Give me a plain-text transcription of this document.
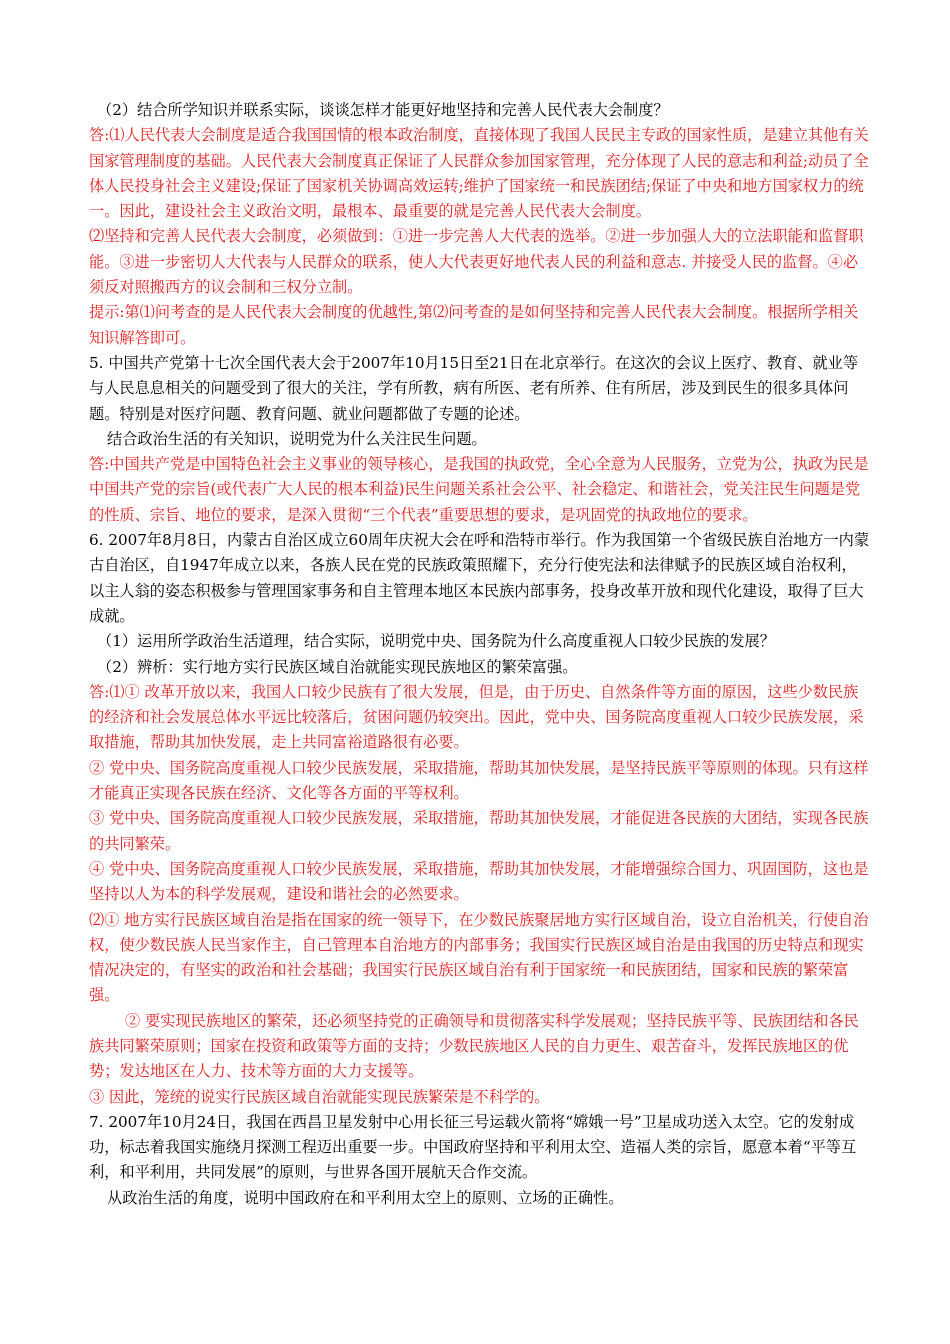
（2）结合所学知识并联系实际，谈谈怎样才能更好地坚持和完善人民代表大会制度？

答:⑴人民代表大会制度是适合我国国情的根本政治制度，直接体现了我国人民民主专政的国家性质，是建立其他有关国家管理制度的基础。人民代表大会制度真正保证了人民群众参加国家管理，充分体现了人民的意志和利益;动员了全体人民投身社会主义建设;保证了国家机关协调高效运转;维护了国家统一和民族团结;保证了中央和地方国家权力的统一。因此，建设社会主义政治文明，最根本、最重要的就是完善人民代表大会制度。

⑵坚持和完善人民代表大会制度，必须做到：①进一步完善人大代表的选举。②进一步加强人大的立法职能和监督职能。③进一步密切人大代表与人民群众的联系，使人大代表更好地代表人民的利益和意志. 并接受人民的监督。④必须反对照搬西方的议会制和三权分立制。

提示:第⑴问考查的是人民代表大会制度的优越性,第⑵问考查的是如何坚持和完善人民代表大会制度。根据所学相关知识解答即可。

5. 中国共产党第十七次全国代表大会于2007年10月15日至21日在北京举行。在这次的会议上医疗、教育、就业等与人民息息相关的问题受到了很大的关注，学有所教，病有所医、老有所养、住有所居，涉及到民生的很多具体问题。特别是对医疗问题、教育问题、就业问题都做了专题的论述。

结合政治生活的有关知识，说明党为什么关注民生问题。

答:中国共产党是中国特色社会主义事业的领导核心，是我国的执政党，全心全意为人民服务，立党为公，执政为民是中国共产党的宗旨(或代表广大人民的根本利益)民生问题关系社会公平、社会稳定、和谐社会，党关注民生问题是党的性质、宗旨、地位的要求，是深入贯彻“三个代表”重要思想的要求，是巩固党的执政地位的要求。

6. 2007年8月8日，内蒙古自治区成立60周年庆祝大会在呼和浩特市举行。作为我国第一个省级民族自治地方一内蒙古自治区，自1947年成立以来，各族人民在党的民族政策照耀下，充分行使宪法和法律赋予的民族区域自治权利，以主人翁的姿态积极参与管理国家事务和自主管理本地区本民族内部事务，投身改革开放和现代化建设，取得了巨大成就。

（1）运用所学政治生活道理，结合实际，说明党中央、国务院为什么高度重视人口较少民族的发展？

（2）辨析：实行地方实行民族区域自治就能实现民族地区的繁荣富强。

答:⑴① 改革开放以来，我国人口较少民族有了很大发展，但是，由于历史、自然条件等方面的原因，这些少数民族的经济和社会发展总体水平远比较落后，贫困问题仍较突出。因此，党中央、国务院高度重视人口较少民族发展，采取措施，帮助其加快发展，走上共同富裕道路很有必要。

② 党中央、国务院高度重视人口较少民族发展，采取措施，帮助其加快发展，是坚持民族平等原则的体现。只有这样才能真正实现各民族在经济、文化等各方面的平等权利。

③ 党中央、国务院高度重视人口较少民族发展，采取措施，帮助其加快发展，才能促进各民族的大团结，实现各民族的共同繁荣。

④ 党中央、国务院高度重视人口较少民族发展，采取措施，帮助其加快发展，才能增强综合国力、巩固国防，这也是坚持以人为本的科学发展观，建设和谐社会的必然要求。

⑵① 地方实行民族区域自治是指在国家的统一领导下，在少数民族聚居地方实行区域自治，设立自治机关，行使自治权，使少数民族人民当家作主，自己管理本自治地方的内部事务；我国实行民族区域自治是由我国的历史特点和现实情况决定的，有坚实的政治和社会基础；我国实行民族区域自治有利于国家统一和民族团结，国家和民族的繁荣富强。

② 要实现民族地区的繁荣，还必须坚持党的正确领导和贯彻落实科学发展观；坚持民族平等、民族团结和各民族共同繁荣原则；国家在投资和政策等方面的支持；少数民族地区人民的自力更生、艰苦奋斗，发挥民族地区的优势；发达地区在人力、技术等方面的大力支援等。

③ 因此，笼统的说实行民族区域自治就能实现民族繁荣是不科学的。

7. 2007年10月24日，我国在西昌卫星发射中心用长征三号运载火箭将“嫦娥一号”卫星成功送入太空。它的发射成功，标志着我国实施绕月探测工程迈出重要一步。中国政府坚持和平利用太空、造福人类的宗旨，愿意本着“平等互利，和平利用，共同发展”的原则，与世界各国开展航天合作交流。

从政治生活的角度，说明中国政府在和平利用太空上的原则、立场的正确性。
